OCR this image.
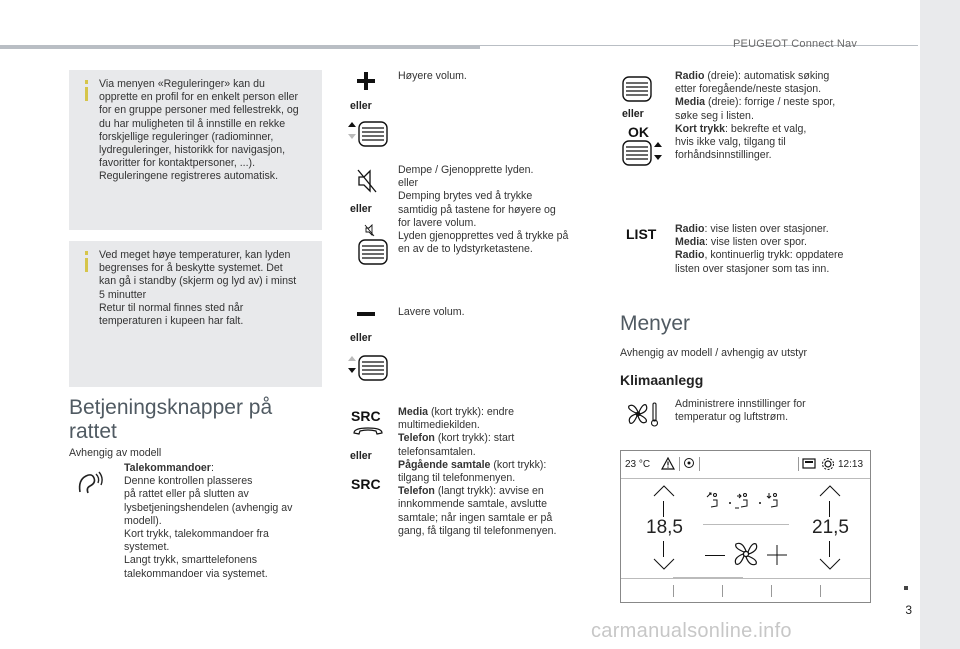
PEUGEOT Connect Nav
Via menyen «Reguleringer» kan du
opprette en profil for en enkelt person eller
for en gruppe personer med fellestrekk, og
du har muligheten til å innstille en rekke
forskjellige reguleringer (radiominner,
lydreguleringer, historikk for navigasjon,
favoritter for kontaktpersoner, ...).
Reguleringene registreres automatisk.
Ved meget høye temperaturer, kan lyden
begrenses for å beskytte systemet. Det
kan gå i standby (skjerm og lyd av) i minst
5 minutter
Retur til normal finnes sted når
temperaturen i kupeen har falt.
Betjeningsknapper på
rattet
Avhengig av modell
Talekommandoer:
Denne kontrollen plasseres
på rattet eller på slutten av
lysbetjeningshendelen (avhengig av
modell).
Kort trykk, talekommandoer fra
systemet.
Langt trykk, smarttelefonens
talekommandoer via systemet.
eller
Høyere volum.
eller
Dempe / Gjenopprette lyden.
eller
Demping brytes ved å trykke
samtidig på tastene for høyere og
for lavere volum.
Lyden gjenopprettes ved å trykke på
en av de to lydstyrketastene.
eller
Lavere volum.
SRC
eller
SRC
Media (kort trykk): endre
multimediekilden.
Telefon (kort trykk): start
telefonsamtalen.
Pågående samtale (kort trykk):
tilgang til telefonmenyen.
Telefon (langt trykk): avvise en
innkommende samtale, avslutte
samtale; når ingen samtale er på
gang, få tilgang til telefonmenyen.
eller
OK
Radio (dreie): automatisk søking
etter foregående/neste stasjon.
Media (dreie): forrige / neste spor,
søke seg i listen.
Kort trykk: bekrefte et valg,
hvis ikke valg, tilgang til
forhåndsinnstillinger.
LIST Radio: vise listen over stasjoner.
Media: vise listen over spor.
Radio, kontinuerlig trykk: oppdatere
listen over stasjoner som tas inn.
Menyer
Avhengig av modell / avhengig av utstyr
Klimaanlegg
Administrere innstillinger for
temperatur og luftstrøm.
23 °C	12:13
18,5	21,5
3
carmanualsonline.info
